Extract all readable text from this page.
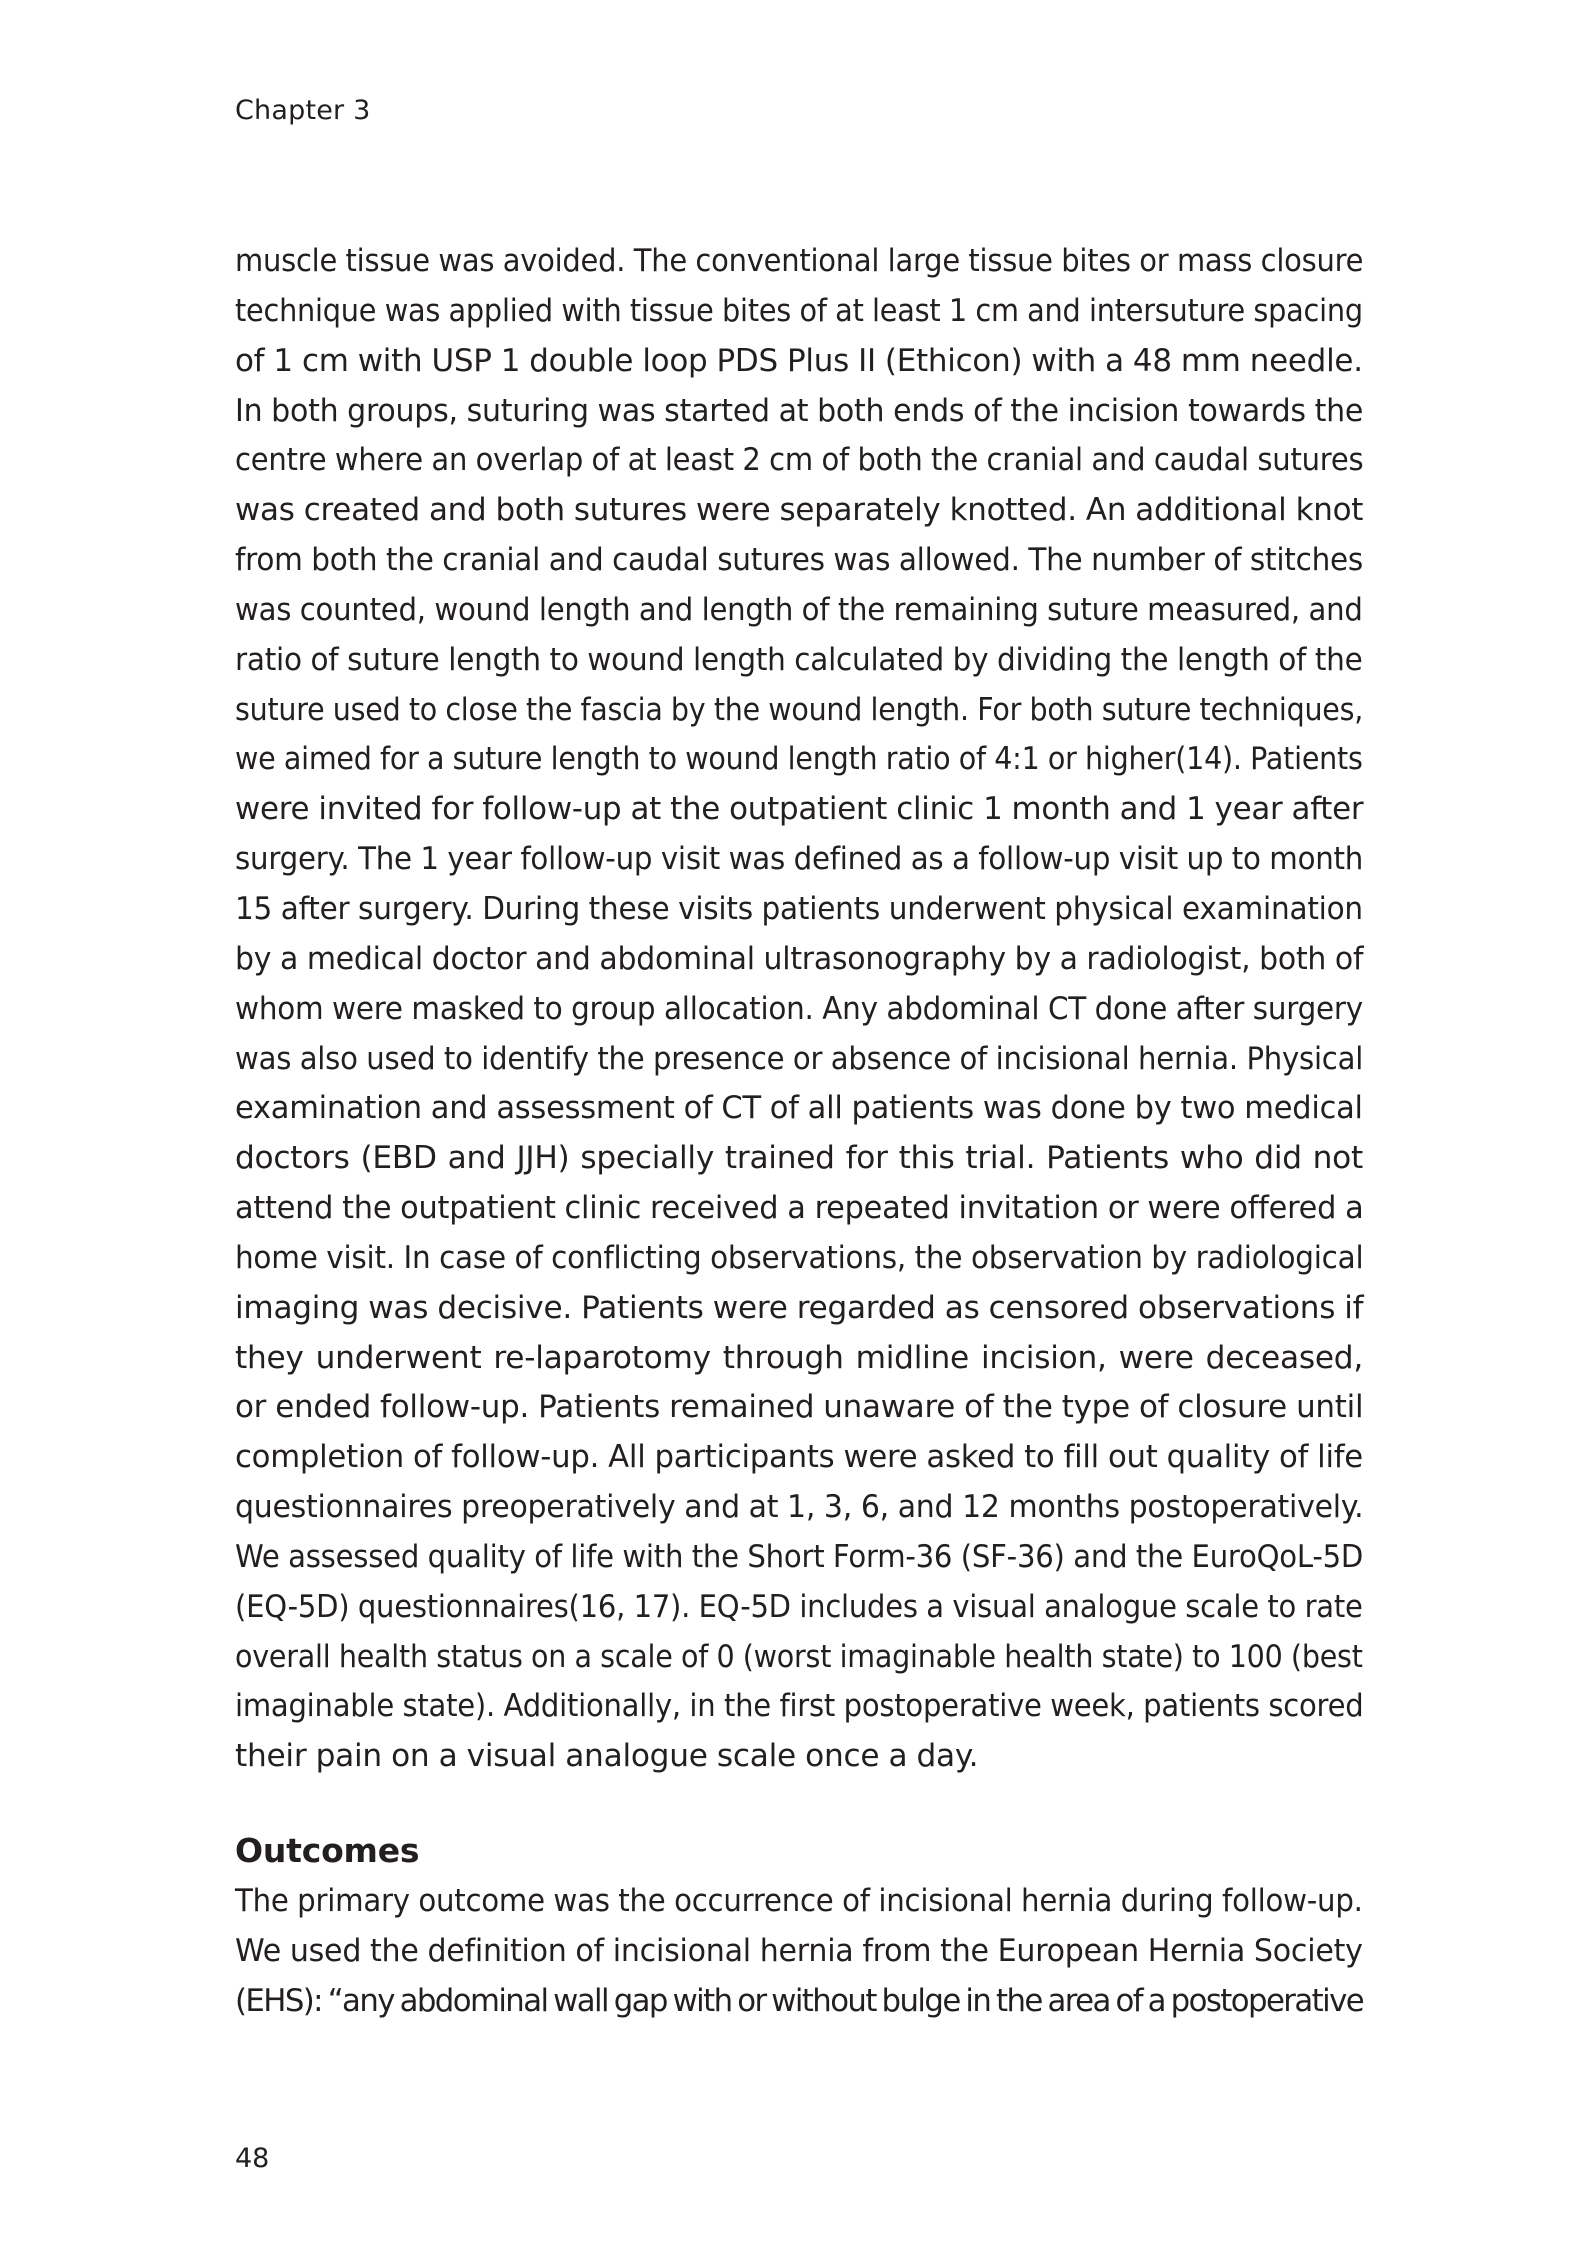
Chapter 3
muscle tissue was avoided. The conventional large tissue bites or mass closure
technique was applied with tissue bites of at least 1 cm and intersuture spacing
of 1 cm with USP 1 double loop PDS Plus II (Ethicon) with a 48 mm needle.
In both groups, suturing was started at both ends of the incision towards the
centre where an overlap of at least 2 cm of both the cranial and caudal sutures
was created and both sutures were separately knotted. An additional knot
from both the cranial and caudal sutures was allowed. The number of stitches
was counted, wound length and length of the remaining suture measured, and
ratio of suture length to wound length calculated by dividing the length of the
suture used to close the fascia by the wound length. For both suture techniques,
we aimed for a suture length to wound length ratio of 4:1 or higher(14). Patients
were invited for follow-up at the outpatient clinic 1 month and 1 year after
surgery. The 1 year follow-up visit was defined as a follow-up visit up to month
15 after surgery. During these visits patients underwent physical examination
by a medical doctor and abdominal ultrasonography by a radiologist, both of
whom were masked to group allocation. Any abdominal CT done after surgery
was also used to identify the presence or absence of incisional hernia. Physical
examination and assessment of CT of all patients was done by two medical
doctors (EBD and JJH) specially trained for this trial. Patients who did not
attend the outpatient clinic received a repeated invitation or were offered a
home visit. In case of conflicting observations, the observation by radiological
imaging was decisive. Patients were regarded as censored observations if
they underwent re-laparotomy through midline incision, were deceased,
or ended follow-up. Patients remained unaware of the type of closure until
completion of follow-up. All participants were asked to fill out quality of life
questionnaires preoperatively and at 1, 3, 6, and 12 months postoperatively.
We assessed quality of life with the Short Form-36 (SF-36) and the EuroQoL-5D
(EQ-5D) questionnaires(16, 17). EQ-5D includes a visual analogue scale to rate
overall health status on a scale of 0 (worst imaginable health state) to 100 (best
imaginable state). Additionally, in the first postoperative week, patients scored
their pain on a visual analogue scale once a day.
Outcomes
The primary outcome was the occurrence of incisional hernia during follow-up.
We used the definition of incisional hernia from the European Hernia Society
(EHS): “any abdominal wall gap with or without bulge in the area of a postoperative
48
